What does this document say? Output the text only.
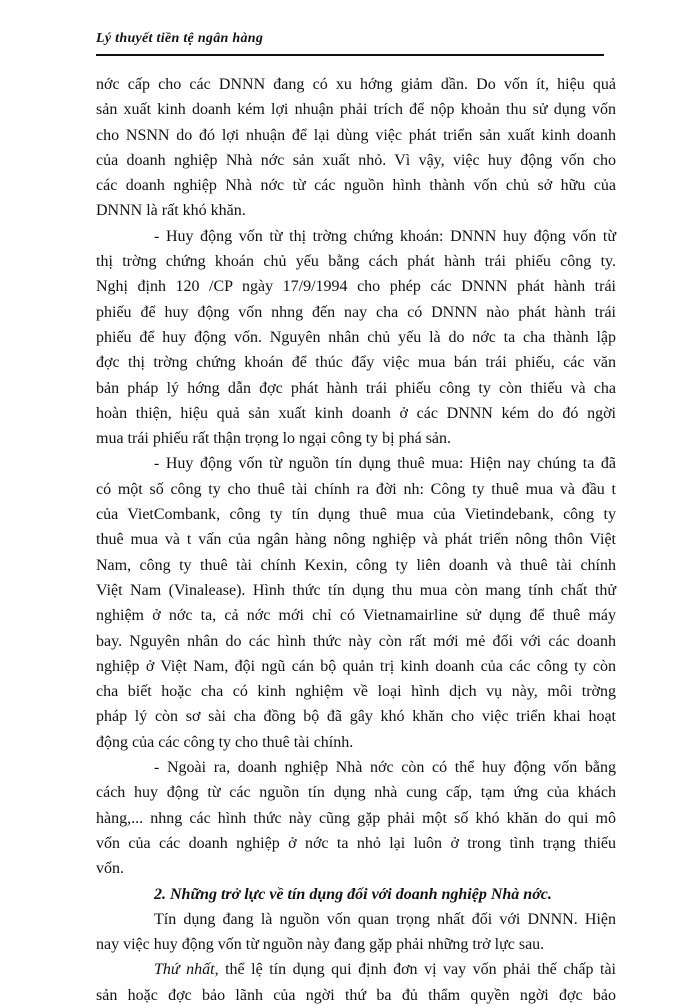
Lý thuyết tiền tệ ngân hàng
nớc cấp cho các DNNN đang có xu hớng giảm dần. Do vốn ít, hiệu quả
sản xuất kinh doanh kém lợi nhuận phải trích để nộp khoản thu sử dụng vốn
cho NSNN do đó lợi nhuận để lại dùng việc phát triển sản xuất kinh doanh
của doanh nghiệp Nhà nớc sản xuất nhỏ. Vì vậy, việc huy động vốn cho
các doanh nghiệp Nhà nớc từ các nguồn hình thành vốn chủ sở hữu của
DNNN là rất khó khăn.
- Huy động vốn từ thị trờng chứng khoán: DNNN huy động vốn từ
thị trờng chứng khoán chủ yếu bằng cách phát hành trái phiếu công ty.
Nghị định 120 /CP ngày 17/9/1994 cho phép các DNNN phát hành trái
phiếu để huy động vốn nhng đến nay cha có DNNN nào phát hành trái
phiếu để huy động vốn. Nguyên nhân chủ yếu là do nớc ta cha thành lập
đợc thị trờng chứng khoán để thúc đẩy việc mua bán trái phiếu, các văn
bản pháp lý hớng dẫn đợc phát hành trái phiếu công ty còn thiếu và cha
hoàn thiện, hiệu quả sản xuất kinh doanh ở các DNNN kém do đó ngời
mua trái phiếu rất thận trọng lo ngại công ty bị phá sản.
- Huy động vốn từ nguồn tín dụng thuê mua: Hiện nay chúng ta đã
có một số công ty cho thuê tài chính ra đời nh: Công ty thuê mua và đầu t
của VietCombank, công ty tín dụng thuê mua của Vietindebank, công ty
thuê mua và t vấn của ngân hàng nông nghiệp và phát triển nông thôn Việt
Nam, công ty thuê tài chính Kexin, công ty liên doanh và thuê tài chính
Việt Nam (Vinalease). Hình thức tín dụng thu mua còn mang tính chất thử
nghiệm ở nớc ta, cả nớc mới chỉ có Vietnamairline sử dụng để thuê máy
bay. Nguyên nhân do các hình thức này còn rất mới mẻ đối với các doanh
nghiệp ở Việt Nam, đội ngũ cán bộ quản trị kinh doanh của các công ty còn
cha biết hoặc cha có kinh nghiệm về loại hình dịch vụ này, môi trờng
pháp lý còn sơ sài cha đồng bộ đã gây khó khăn cho việc triển khai hoạt
động của các công ty cho thuê tài chính.
- Ngoài ra, doanh nghiệp Nhà nớc còn có thể huy động vốn bằng
cách huy động từ các nguồn tín dụng nhà cung cấp, tạm ứng của khách
hàng,... nhng các hình thức này cũng gặp phải một số khó khăn do qui mô
vốn của các doanh nghiệp ở nớc ta nhỏ lại luôn ở trong tình trạng thiếu
vốn.
2. Những trở lực về tín dụng đối với doanh nghiệp Nhà nớc.
Tín dụng đang là nguồn vốn quan trọng nhất đối với DNNN. Hiện
nay việc huy động vốn từ nguồn này đang gặp phải những trở lực sau.
Thứ nhất, thể lệ tín dụng qui định đơn vị vay vốn phải thế chấp tài
sản hoặc đợc bảo lãnh của ngời thứ ba đủ thẩm quyền ngời đợc bảo
